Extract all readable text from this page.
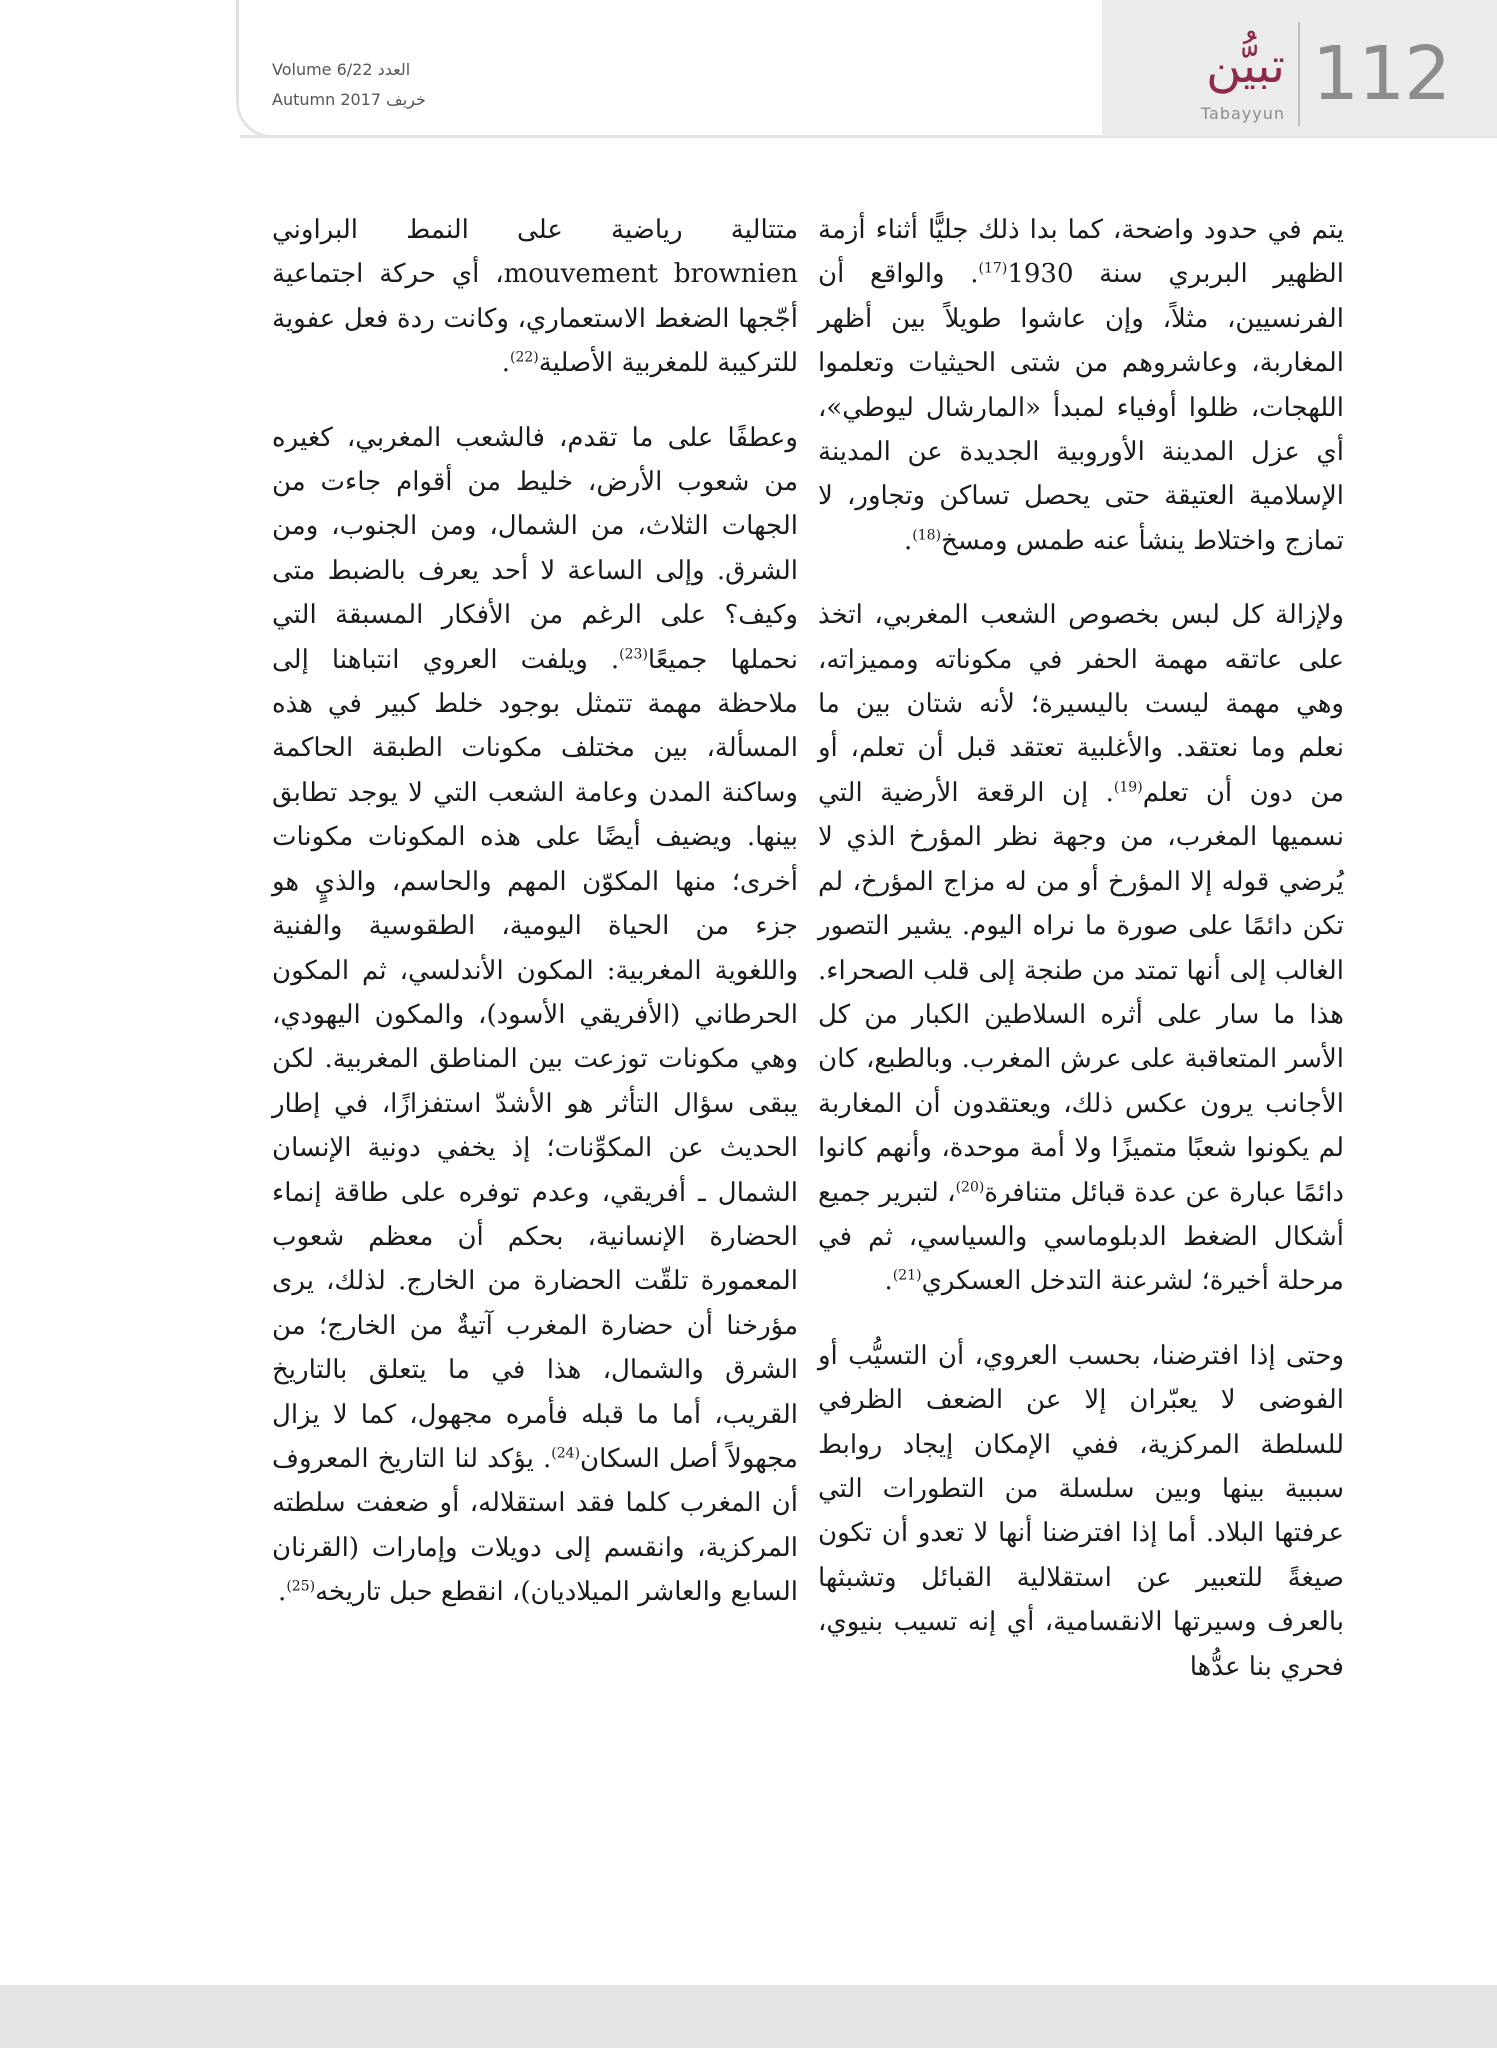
Volume 6/22 العدد
Autumn 2017 خريف
تبيُّن
Tabayyun 112

يتم في حدود واضحة، كما بدا ذلك جليًّا أثناء أزمة الظهير البربري سنة 1930$^{(17)}$. والواقع أن الفرنسيين، مثلاً، وإن عاشوا طويلاً بين أظهر المغاربة، وعاشروهم من شتى الحيثيات وتعلموا اللهجات، ظلوا أوفياء لمبدأ «المارشال ليوطي»، أي عزل المدينة الأوروبية الجديدة عن المدينة الإسلامية العتيقة حتى يحصل تساكن وتجاور، لا تمازج واختلاط ينشأ عنه طمس ومسخ$^{(18)}$.

ولإزالة كل لبس بخصوص الشعب المغربي، اتخذ على عاتقه مهمة الحفر في مكوناته ومميزاته، وهي مهمة ليست باليسيرة؛ لأنه شتان بين ما نعلم وما نعتقد. والأغلبية تعتقد قبل أن تعلم، أو من دون أن تعلم$^{(19)}$. إن الرقعة الأرضية التي نسميها المغرب، من وجهة نظر المؤرخ الذي لا يُرضي قوله إلا المؤرخ أو من له مزاج المؤرخ، لم تكن دائمًا على صورة ما نراه اليوم. يشير التصور الغالب إلى أنها تمتد من طنجة إلى قلب الصحراء. هذا ما سار على أثره السلاطين الكبار من كل الأسر المتعاقبة على عرش المغرب. وبالطبع، كان الأجانب يرون عكس ذلك، ويعتقدون أن المغاربة لم يكونوا شعبًا متميزًا ولا أمة موحدة، وأنهم كانوا دائمًا عبارة عن عدة قبائل متنافرة$^{(20)}$، لتبرير جميع أشكال الضغط الدبلوماسي والسياسي، ثم في مرحلة أخيرة؛ لشرعنة التدخل العسكري$^{(21)}$.

وحتى إذا افترضنا، بحسب العروي، أن التسيُّب أو الفوضى لا يعبّران إلا عن الضعف الظرفي للسلطة المركزية، ففي الإمكان إيجاد روابط سببية بينها وبين سلسلة من التطورات التي عرفتها البلاد. أما إذا افترضنا أنها لا تعدو أن تكون صيغةً للتعبير عن استقلالية القبائل وتشبثها بالعرف وسيرتها الانقسامية، أي إنه تسيب بنيوي، فحري بنا عدُّها

متتالية رياضية على النمط البراوني mouvement brownien، أي حركة اجتماعية أجّجها الضغط الاستعماري، وكانت ردة فعل عفوية للتركيبة للمغربية الأصلية$^{(22)}$.

وعطفًا على ما تقدم، فالشعب المغربي، كغيره من شعوب الأرض، خليط من أقوام جاءت من الجهات الثلاث، من الشمال، ومن الجنوب، ومن الشرق. وإلى الساعة لا أحد يعرف بالضبط متى وكيف؟ على الرغم من الأفكار المسبقة التي نحملها جميعًا$^{(23)}$. ويلفت العروي انتباهنا إلى ملاحظة مهمة تتمثل بوجود خلط كبير في هذه المسألة، بين مختلف مكونات الطبقة الحاكمة وساكنة المدن وعامة الشعب التي لا يوجد تطابق بينها. ويضيف أيضًا على هذه المكونات مكونات أخرى؛ منها المكوّن المهم والحاسم، والذيٍ هو جزء من الحياة اليومية، الطقوسية والفنية واللغوية المغربية: المكون الأندلسي، ثم المكون الحرطاني (الأفريقي الأسود)، والمكون اليهودي، وهي مكونات توزعت بين المناطق المغربية. لكن يبقى سؤال التأثر هو الأشدّ استفزازًا، في إطار الحديث عن المكوِّنات؛ إذ يخفي دونية الإنسان الشمال ـ أفريقي، وعدم توفره على طاقة إنماء الحضارة الإنسانية، بحكم أن معظم شعوب المعمورة تلقّت الحضارة من الخارج. لذلك، يرى مؤرخنا أن حضارة المغرب آتيةٌ من الخارج؛ من الشرق والشمال، هذا في ما يتعلق بالتاريخ القريب، أما ما قبله فأمره مجهول، كما لا يزال مجهولاً أصل السكان$^{(24)}$. يؤكد لنا التاريخ المعروف أن المغرب كلما فقد استقلاله، أو ضعفت سلطته المركزية، وانقسم إلى دويلات وإمارات (القرنان السابع والعاشر الميلاديان)، انقطع حبل تاريخه$^{(25)}$.
